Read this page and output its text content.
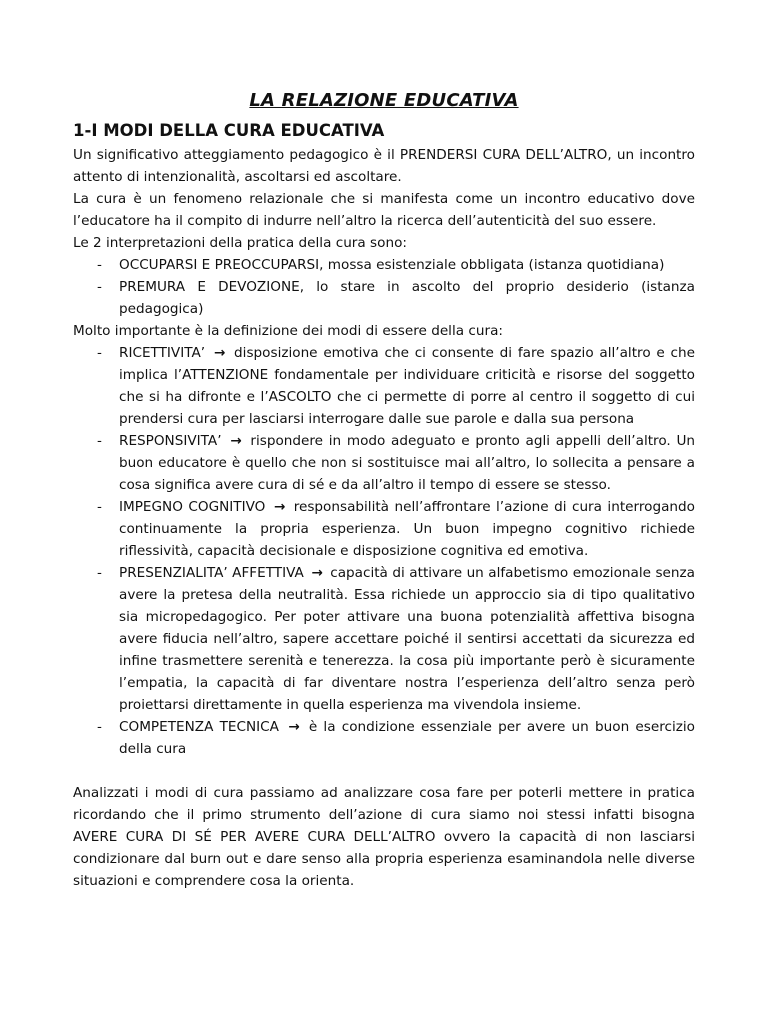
LA RELAZIONE EDUCATIVA
1-I MODI DELLA CURA EDUCATIVA

Un significativo atteggiamento pedagogico è il PRENDERSI CURA DELL’ALTRO, un incontro attento di intenzionalità, ascoltarsi ed ascoltare.

La cura è un fenomeno relazionale che si manifesta come un incontro educativo dove l’educatore ha il compito di indurre nell’altro la ricerca dell’autenticità del suo essere.

Le 2 interpretazioni della pratica della cura sono:

- OCCUPARSI E PREOCCUPARSI, mossa esistenziale obbligata (istanza quotidiana)
- PREMURA E DEVOZIONE, lo stare in ascolto del proprio desiderio (istanza pedagogica)

Molto importante è la definizione dei modi di essere della cura:

- RICETTIVITA’ → disposizione emotiva che ci consente di fare spazio all’altro e che implica l’ATTENZIONE fondamentale per individuare criticità e risorse del soggetto che si ha difronte e l’ASCOLTO che ci permette di porre al centro il soggetto di cui prendersi cura per lasciarsi interrogare dalle sue parole e dalla sua persona
- RESPONSIVITA’ → rispondere in modo adeguato e pronto agli appelli dell’altro. Un buon educatore è quello che non si sostituisce mai all’altro, lo sollecita a pensare a cosa significa avere cura di sé e da all’altro il tempo di essere se stesso.
- IMPEGNO COGNITIVO → responsabilità nell’affrontare l’azione di cura interrogando continuamente la propria esperienza. Un buon impegno cognitivo richiede riflessività, capacità decisionale e disposizione cognitiva ed emotiva.
- PRESENZIALITA’ AFFETTIVA → capacità di attivare un alfabetismo emozionale senza avere la pretesa della neutralità. Essa richiede un approccio sia di tipo qualitativo sia micropedagogico. Per poter attivare una buona potenzialità affettiva bisogna avere fiducia nell’altro, sapere accettare poiché il sentirsi accettati da sicurezza ed infine trasmettere serenità e tenerezza. la cosa più importante però è sicuramente l’empatia, la capacità di far diventare nostra l’esperienza dell’altro senza però proiettarsi direttamente in quella esperienza ma vivendola insieme.
- COMPETENZA TECNICA → è la condizione essenziale per avere un buon esercizio della cura

Analizzati i modi di cura passiamo ad analizzare cosa fare per poterli mettere in pratica ricordando che il primo strumento dell’azione di cura siamo noi stessi infatti bisogna AVERE CURA DI SÉ PER AVERE CURA DELL’ALTRO ovvero la capacità di non lasciarsi condizionare dal burn out e dare senso alla propria esperienza esaminandola nelle diverse situazioni e comprendere cosa la orienta.
